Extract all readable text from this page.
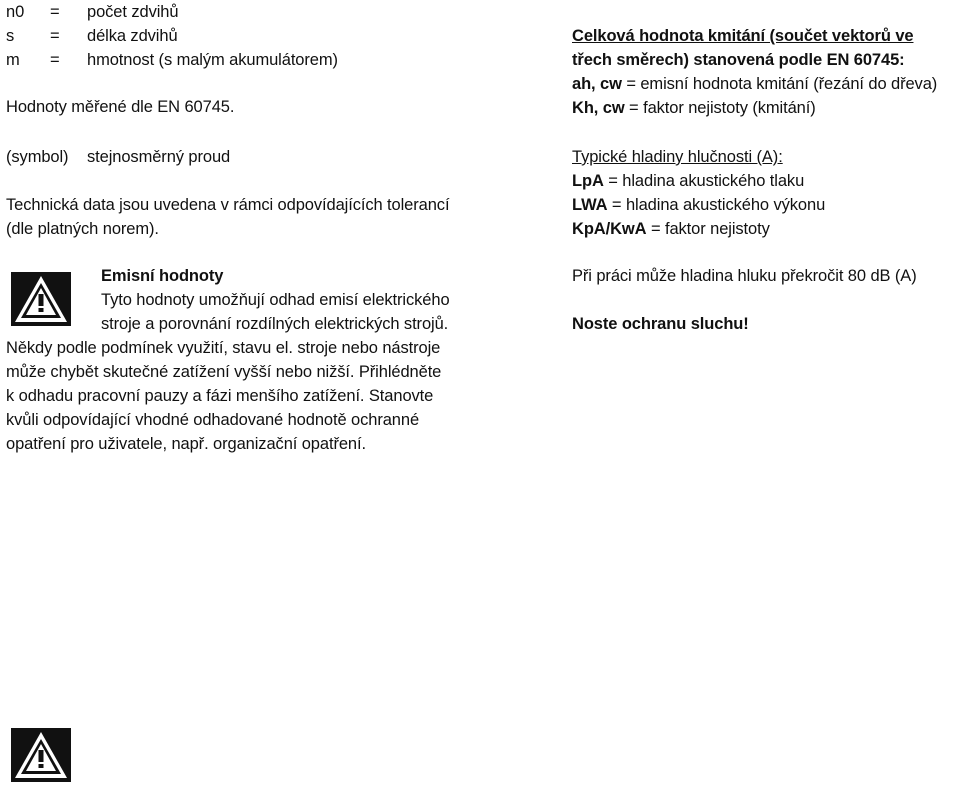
n0 = počet zdvihů
s = délka zdvihů
m = hmotnost (s malým akumulátorem)
Hodnoty měřené dle EN 60745.
(symbol) stejnosměrný proud
Technická data jsou uvedena v rámci odpovídajících tolerancí
(dle platných norem).
Emisní hodnoty
Tyto hodnoty umožňují odhad emisí elektrického
stroje a porovnání rozdílných elektrických strojů.
Někdy podle podmínek využití, stavu el. stroje nebo nástroje
může chybět skutečné zatížení vyšší nebo nižší. Přihlédněte
k odhadu pracovní pauzy a fázi menšího zatížení. Stanovte
kvůli odpovídající vhodné odhadované hodnotě ochranné
opatření pro uživatele, např. organizační opatření.
Celková hodnota kmitání (součet vektorů ve
třech směrech) stanovená podle EN 60745:
ah, cw = emisní hodnota kmitání (řezání do dřeva)
Kh, cw = faktor nejistoty (kmitání)
Typické hladiny hlučnosti (A):
LpA = hladina akustického tlaku
LWA = hladina akustického výkonu
KpA/KwA = faktor nejistoty
Při práci může hladina hluku překročit 80 dB (A)
Noste ochranu sluchu!
